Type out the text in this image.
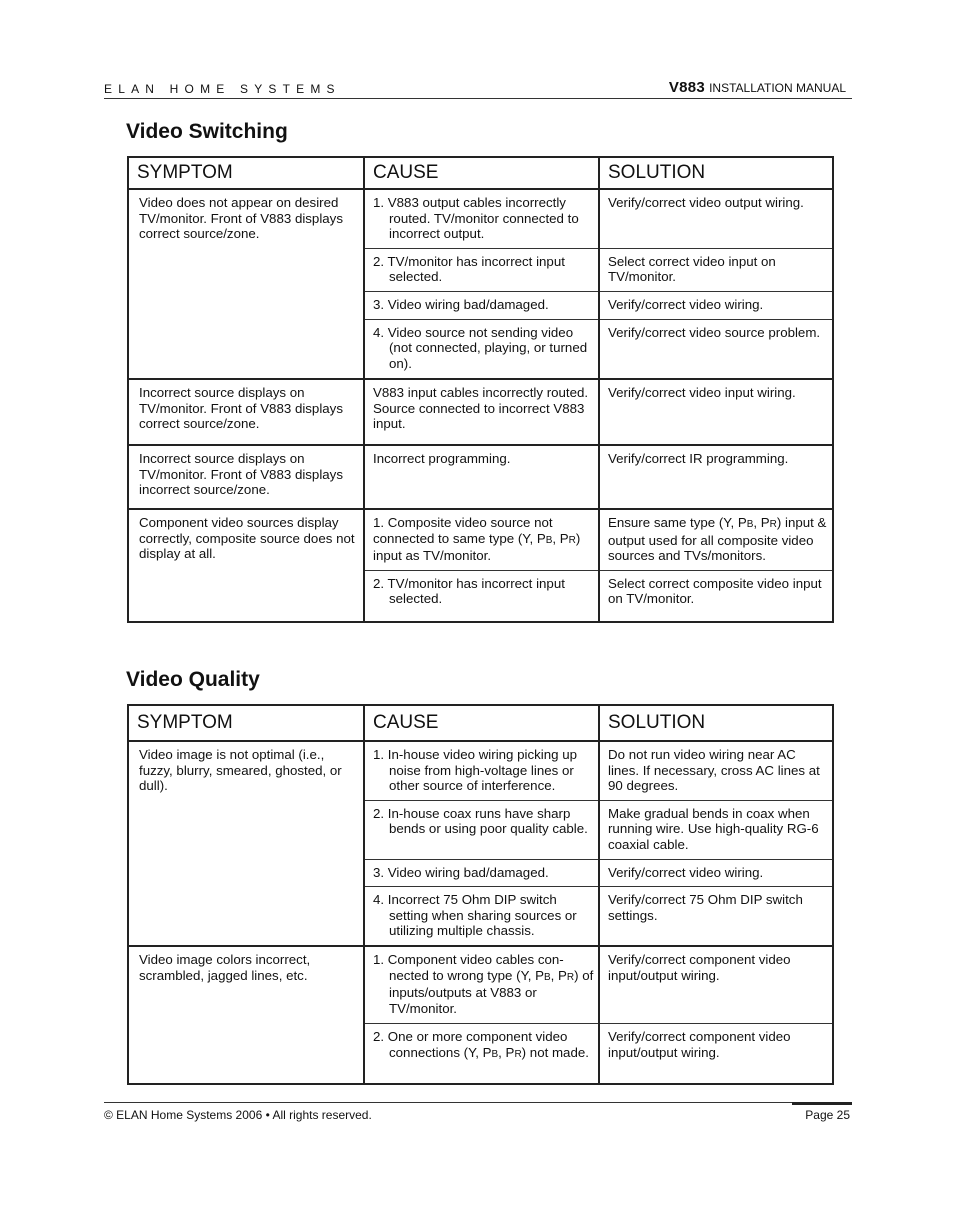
ELAN HOME SYSTEMS	V883 INSTALLATION MANUAL
Video Switching
SYMPTOM	CAUSE	SOLUTION
Video does not appear on desired TV/monitor. Front of V883 displays correct source/zone.	1. V883 output cables incorrectly routed. TV/monitor connected to incorrect output.	Verify/correct video output wiring.

	2. TV/monitor has incorrect input selected.	Select correct video input on TV/monitor.

	3. Video wiring bad/damaged.	Verify/correct video wiring.

	4. Video source not sending video (not connected, playing, or turned on).	Verify/correct video source problem.
Incorrect source displays on TV/monitor. Front of V883 displays correct source/zone.	V883 input cables incorrectly routed. Source connected to incorrect V883 input.	Verify/correct video input wiring.
Incorrect source displays on TV/monitor. Front of V883 displays incorrect source/zone.	Incorrect programming.	Verify/correct IR programming.
Component video sources display correctly, composite source does not display at all.	1. Composite video source not connected to same type (Y, PB, PR) input as TV/monitor.	Ensure same type (Y, PB, PR) input & output used for all composite video sources and TVs/monitors.

	2. TV/monitor has incorrect input selected.	Select correct composite video input on TV/monitor.
Video Quality
SYMPTOM	CAUSE	SOLUTION
Video image is not optimal (i.e., fuzzy, blurry, smeared, ghosted, or dull).	1. In-house video wiring picking up noise from high-voltage lines or other source of interference.	Do not run video wiring near AC lines. If necessary, cross AC lines at 90 degrees.

	2. In-house coax runs have sharp bends or using poor quality cable.	Make gradual bends in coax when running wire. Use high-quality RG-6 coaxial cable.

	3. Video wiring bad/damaged.	Verify/correct video wiring.

	4. Incorrect 75 Ohm DIP switch setting when sharing sources or utilizing multiple chassis.	Verify/correct 75 Ohm DIP switch settings.
Video image colors incorrect, scrambled, jagged lines, etc.	1. Component video cables con-nected to wrong type (Y, PB, PR) of inputs/outputs at V883 or TV/monitor.	Verify/correct component video input/output wiring.

	2. One or more component video connections (Y, PB, PR) not made.	Verify/correct component video input/output wiring.
© ELAN Home Systems 2006 • All rights reserved.	Page 25
